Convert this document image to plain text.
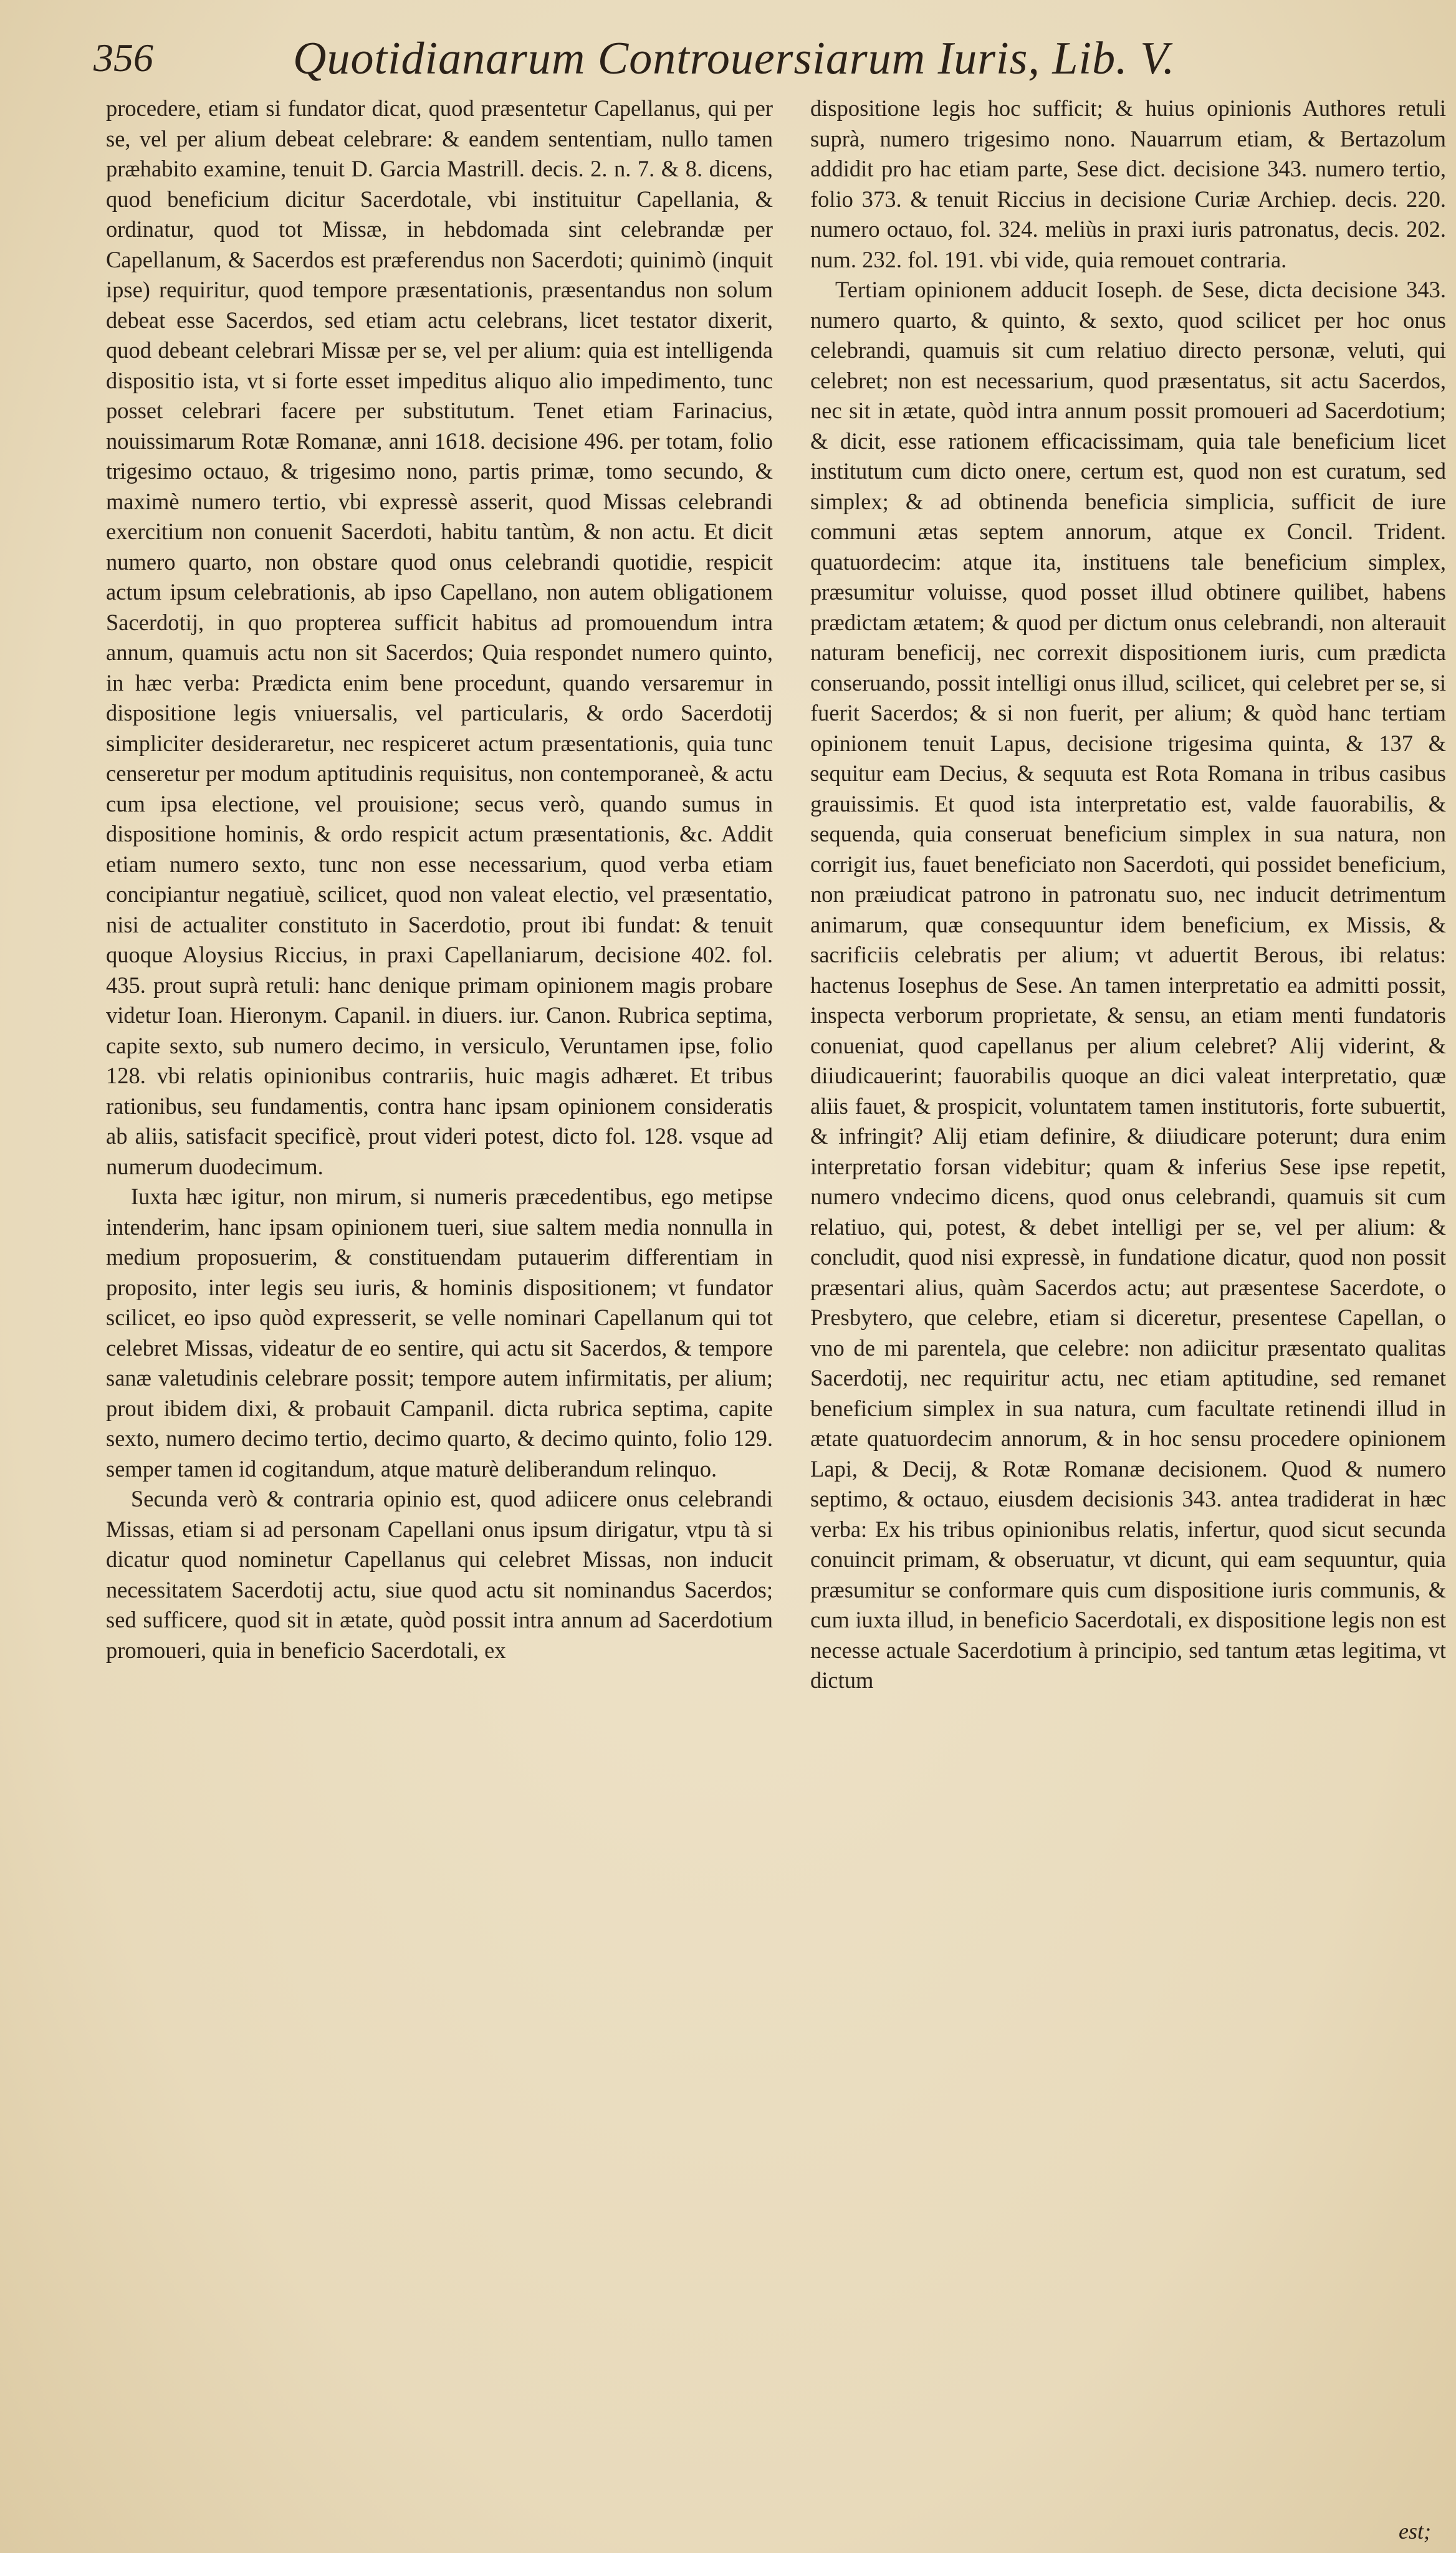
356	Quotidianarum Controuersiarum Iuris, Lib. V.

procedere, etiam si fundator dicat, quod præsentetur Capellanus, qui per se, vel per alium debeat celebrare: & eandem sententiam, nullo tamen præhabito examine, tenuit D. Garcia Mastrill. decis. 2. n. 7. & 8. dicens, quod beneficium dicitur Sacerdotale, vbi instituitur Capellania, & ordinatur, quod tot Missæ, in hebdomada sint celebrandæ per Capellanum, & Sacerdos est præferendus non Sacerdoti; quinimò (inquit ipse) requiritur, quod tempore præsentationis, præsentandus non solum debeat esse Sacerdos, sed etiam actu celebrans, licet testator dixerit, quod debeant celebrari Missæ per se, vel per alium: quia est intelligenda dispositio ista, vt si forte esset impeditus aliquo alio impedimento, tunc posset celebrari facere per substitutum. Tenet etiam Farinacius, nouissimarum Rotæ Romanæ, anni 1618. decisione 496. per totam, folio trigesimo octauo, & trigesimo nono, partis primæ, tomo secundo, & maximè numero tertio, vbi expressè asserit, quod Missas celebrandi exercitium non conuenit Sacerdoti, habitu tantùm, & non actu. Et dicit numero quarto, non obstare quod onus celebrandi quotidie, respicit actum ipsum celebrationis, ab ipso Capellano, non autem obligationem Sacerdotij, in quo propterea sufficit habitus ad promouendum intra annum, quamuis actu non sit Sacerdos; Quia respondet numero quinto, in hæc verba: Prædicta enim bene procedunt, quando versaremur in dispositione legis vniuersalis, vel particularis, & ordo Sacerdotij simpliciter desideraretur, nec respiceret actum præsentationis, quia tunc censeretur per modum aptitudinis requisitus, non contemporaneè, & actu cum ipsa electione, vel prouisione; secus verò, quando sumus in dispositione hominis, & ordo respicit actum præsentationis, &c. Addit etiam numero sexto, tunc non esse necessarium, quod verba etiam concipiantur negatiuè, scilicet, quod non valeat electio, vel præsentatio, nisi de actualiter constituto in Sacerdotio, prout ibi fundat: & tenuit quoque Aloysius Riccius, in praxi Capellaniarum, decisione 402. fol. 435. prout suprà retuli: hanc denique primam opinionem magis probare videtur Ioan. Hieronym. Capanil. in diuers. iur. Canon. Rubrica septima, capite sexto, sub numero decimo, in versiculo, Veruntamen ipse, folio 128. vbi relatis opinionibus contrariis, huic magis adhæret. Et tribus rationibus, seu fundamentis, contra hanc ipsam opinionem consideratis ab aliis, satisfacit specificè, prout videri potest, dicto fol. 128. vsque ad numerum duodecimum.

Iuxta hæc igitur, non mirum, si numeris præcedentibus, ego metipse intenderim, hanc ipsam opinionem tueri, siue saltem media nonnulla in medium proposuerim, & constituendam putauerim differentiam in proposito, inter legis seu iuris, & hominis dispositionem; vt fundator scilicet, eo ipso quòd expresserit, se velle nominari Capellanum qui tot celebret Missas, videatur de eo sentire, qui actu sit Sacerdos, & tempore sanæ valetudinis celebrare possit; tempore autem infirmitatis, per alium; prout ibidem dixi, & probauit Campanil. dicta rubrica septima, capite sexto, numero decimo tertio, decimo quarto, & decimo quinto, folio 129. semper tamen id cogitandum, atque maturè deliberandum relinquo.

Secunda verò & contraria opinio est, quod adiicere onus celebrandi Missas, etiam si ad personam Capellani onus ipsum dirigatur, vtpu tà si dicatur quod nominetur Capellanus qui celebret Missas, non inducit necessitatem Sacerdotij actu, siue quod actu sit nominandus Sacerdos; sed sufficere, quod sit in ætate, quòd possit intra annum ad Sacerdotium promoueri, quia in beneficio Sacerdotali, ex

dispositione legis hoc sufficit; & huius opinionis Authores retuli suprà, numero trigesimo nono. Nauarrum etiam, & Bertazolum addidit pro hac etiam parte, Sese dict. decisione 343. numero tertio, folio 373. & tenuit Riccius in decisione Curiæ Archiep. decis. 220. numero octauo, fol. 324. meliùs in praxi iuris patronatus, decis. 202. num. 232. fol. 191. vbi vide, quia remouet contraria.

Tertiam opinionem adducit Ioseph. de Sese, dicta decisione 343. numero quarto, & quinto, & sexto, quod scilicet per hoc onus celebrandi, quamuis sit cum relatiuo directo personæ, veluti, qui celebret; non est necessarium, quod præsentatus, sit actu Sacerdos, nec sit in ætate, quòd intra annum possit promoueri ad Sacerdotium; & dicit, esse rationem efficacissimam, quia tale beneficium licet institutum cum dicto onere, certum est, quod non est curatum, sed simplex; & ad obtinenda beneficia simplicia, sufficit de iure communi ætas septem annorum, atque ex Concil. Trident. quatuordecim: atque ita, instituens tale beneficium simplex, præsumitur voluisse, quod posset illud obtinere quilibet, habens prædictam ætatem; & quod per dictum onus celebrandi, non alterauit naturam beneficij, nec correxit dispositionem iuris, cum prædicta conseruando, possit intelligi onus illud, scilicet, qui celebret per se, si fuerit Sacerdos; & si non fuerit, per alium; & quòd hanc tertiam opinionem tenuit Lapus, decisione trigesima quinta, & 137 & sequitur eam Decius, & sequuta est Rota Romana in tribus casibus grauissimis. Et quod ista interpretatio est, valde fauorabilis, & sequenda, quia conseruat beneficium simplex in sua natura, non corrigit ius, fauet beneficiato non Sacerdoti, qui possidet beneficium, non præiudicat patrono in patronatu suo, nec inducit detrimentum animarum, quæ consequuntur idem beneficium, ex Missis, & sacrificiis celebratis per alium; vt aduertit Berous, ibi relatus: hactenus Iosephus de Sese. An tamen interpretatio ea admitti possit, inspecta verborum proprietate, & sensu, an etiam menti fundatoris conueniat, quod capellanus per alium celebret? Alij viderint, & diiudicauerint; fauorabilis quoque an dici valeat interpretatio, quæ aliis fauet, & prospicit, voluntatem tamen institutoris, forte subuertit, & infringit? Alij etiam definire, & diiudicare poterunt; dura enim interpretatio forsan videbitur; quam & inferius Sese ipse repetit, numero vndecimo dicens, quod onus celebrandi, quamuis sit cum relatiuo, qui, potest, & debet intelligi per se, vel per alium: & concludit, quod nisi expressè, in fundatione dicatur, quod non possit præsentari alius, quàm Sacerdos actu; aut præsentese Sacerdote, o Presbytero, que celebre, etiam si diceretur, presentese Capellan, o vno de mi parentela, que celebre: non adiicitur præsentato qualitas Sacerdotij, nec requiritur actu, nec etiam aptitudine, sed remanet beneficium simplex in sua natura, cum facultate retinendi illud in ætate quatuordecim annorum, & in hoc sensu procedere opinionem Lapi, & Decij, & Rotæ Romanæ decisionem. Quod & numero septimo, & octauo, eiusdem decisionis 343. antea tradiderat in hæc verba: Ex his tribus opinionibus relatis, infertur, quod sicut secunda conuincit primam, & obseruatur, vt dicunt, qui eam sequuntur, quia præsumitur se conformare quis cum dispositione iuris communis, & cum iuxta illud, in beneficio Sacerdotali, ex dispositione legis non est necesse actuale Sacerdotium à principio, sed tantum ætas legitima, vt dictum

est;
